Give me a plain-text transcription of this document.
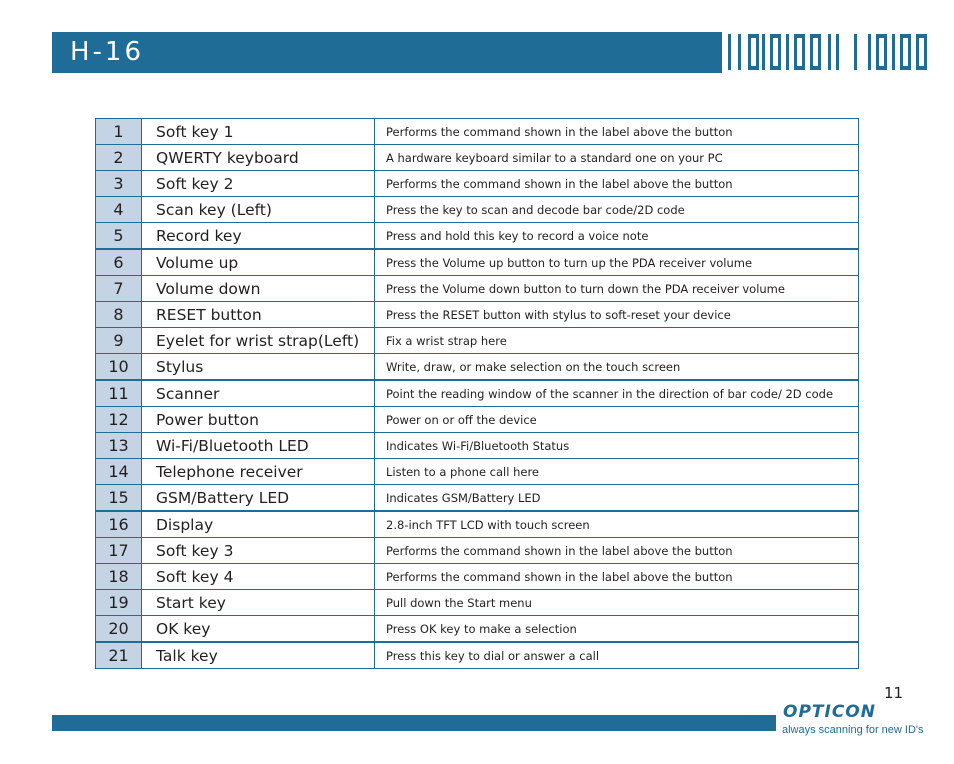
H-16
1	Soft key 1	Performs the command shown in the label above the button
2	QWERTY keyboard	A hardware keyboard similar to a standard one on your PC
3	Soft key 2	Performs the command shown in the label above the button
4	Scan key (Left)	Press the key to scan and decode bar code/2D code
5	Record key	Press and hold this key to record a voice note
6	Volume up	Press the Volume up button to turn up the PDA receiver volume
7	Volume down	Press the Volume down button to turn down the PDA receiver volume
8	RESET button	Press the RESET button with stylus to soft-reset your device
9	Eyelet for wrist strap(Left)	Fix a wrist strap here
10	Stylus	Write, draw, or make selection on the touch screen
11	Scanner	Point the reading window of the scanner in the direction of bar code/ 2D code
12	Power button	Power on or off the device
13	Wi-Fi/Bluetooth LED	Indicates Wi-Fi/Bluetooth Status
14	Telephone receiver	Listen to a phone call here
15	GSM/Battery LED	Indicates GSM/Battery LED
16	Display	2.8-inch TFT LCD with touch screen
17	Soft key 3	Performs the command shown in the label above the button
18	Soft key 4	Performs the command shown in the label above the button
19	Start key	Pull down the Start menu
20	OK key	Press OK key to make a selection
21	Talk key	Press this key to dial or answer a call
11
OPTICON
always scanning for new ID's
